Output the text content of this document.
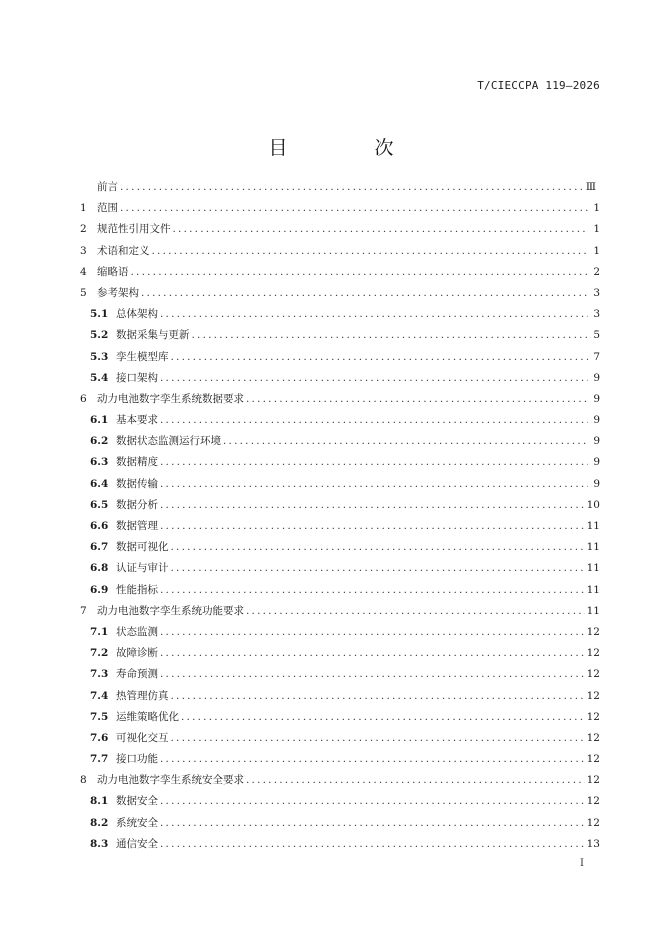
T/CIECCPA 119—2026
目　次
前言 .....	Ⅲ
1 范围 .....	1
2 规范性引用文件 .....	1
3 术语和定义 .....	1
4 缩略语 .....	2
5 参考架构 .....	3
5.1 总体架构 .....	3
5.2 数据采集与更新 .....	5
5.3 孪生模型库 .....	7
5.4 接口架构 .....	9
6 动力电池数字孪生系统数据要求 .....	9
6.1 基本要求 .....	9
6.2 数据状态监测运行环境 .....	9
6.3 数据精度 .....	9
6.4 数据传输 .....	9
6.5 数据分析 .....	10
6.6 数据管理 .....	11
6.7 数据可视化 .....	11
6.8 认证与审计 .....	11
6.9 性能指标 .....	11
7 动力电池数字孪生系统功能要求 .....	11
7.1 状态监测 .....	12
7.2 故障诊断 .....	12
7.3 寿命预测 .....	12
7.4 热管理仿真 .....	12
7.5 运维策略优化 .....	12
7.6 可视化交互 .....	12
7.7 接口功能 .....	12
8 动力电池数字孪生系统安全要求 .....	12
8.1 数据安全 .....	12
8.2 系统安全 .....	12
8.3 通信安全 .....	13
I
